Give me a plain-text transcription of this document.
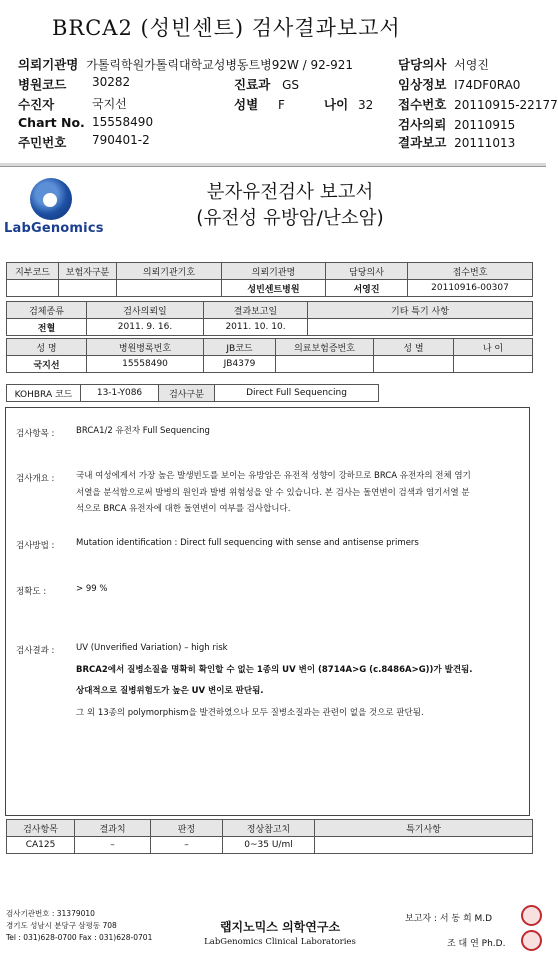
BRCA2 (성빈센트) 검사결과보고서
의뢰기관명 가톨릭학원가톨릭대학교성병동트병92W / 92-921	담당의사 서영진
병원코드 30282	진료과 GS	임상정보 I74DF0RA0
수진자	국지선	성별 F	나이 32 접수번호 20110915-22177
Chart No. 15558490	검사의뢰 20110915
주민번호 790401-2	결과보고 20111013
LabGenomics
분자유전검사 보고서
(유전성 유방암/난소암)
지부코드	보험자구분	의뢰기관기호	의뢰기관명	담당의사	접수번호
			성빈센트병원	서영진	20110916-00307
검체종류	검사의뢰일	결과보고일	기타 특기 사항
전혈	2011. 9. 16.	2011. 10. 10.	
성 명	병원병록번호	JB코드	의료보험증번호	성 별	나 이
국지선	15558490	JB4379			
KOHBRA 코드	13-1-Y086	검사구분	Direct Full Sequencing
검사항목 :	BRCA1/2 유전자 Full Sequencing
검사개요 :	국내 여성에게서 가장 높은 발생빈도를 보이는 유방암은 유전적 성향이 강하므로 BRCA 유전자의 전체 염기
서열을 분석함으로써 발병의 원인과 발병 위험성을 알 수 있습니다. 본 검사는 돌연변이 검색과 염기서열 분
석으로 BRCA 유전자에 대한 돌연변이 여부를 검사합니다.
검사방법 :	Mutation identification : Direct full sequencing with sense and antisense primers
정확도 :	> 99 %
검사결과 :	UV (Unverified Variation) – high risk
BRCA2에서 질병소질을 명확히 확인할 수 없는 1종의 UV 변이 (8714A>G (c.8486A>G))가 발견됨.
상대적으로 질병위험도가 높은 UV 변이로 판단됨.
그 외 13종의 polymorphism을 발견하였으나 모두 질병소질과는 관련이 없을 것으로 판단됨.
검사항목	결과치	판정	정상참고치	특기사항
CA125	–	–	0~35 U/ml	
검사기관번호 : 31379010
경기도 성남시 분당구 삼평동 708
Tel : 031)628-0700 Fax : 031)628-0701
랩지노믹스 의학연구소
LabGenomics Clinical Laboratories
보고자 : 서 동 희 M.D
조 대 연 Ph.D.
